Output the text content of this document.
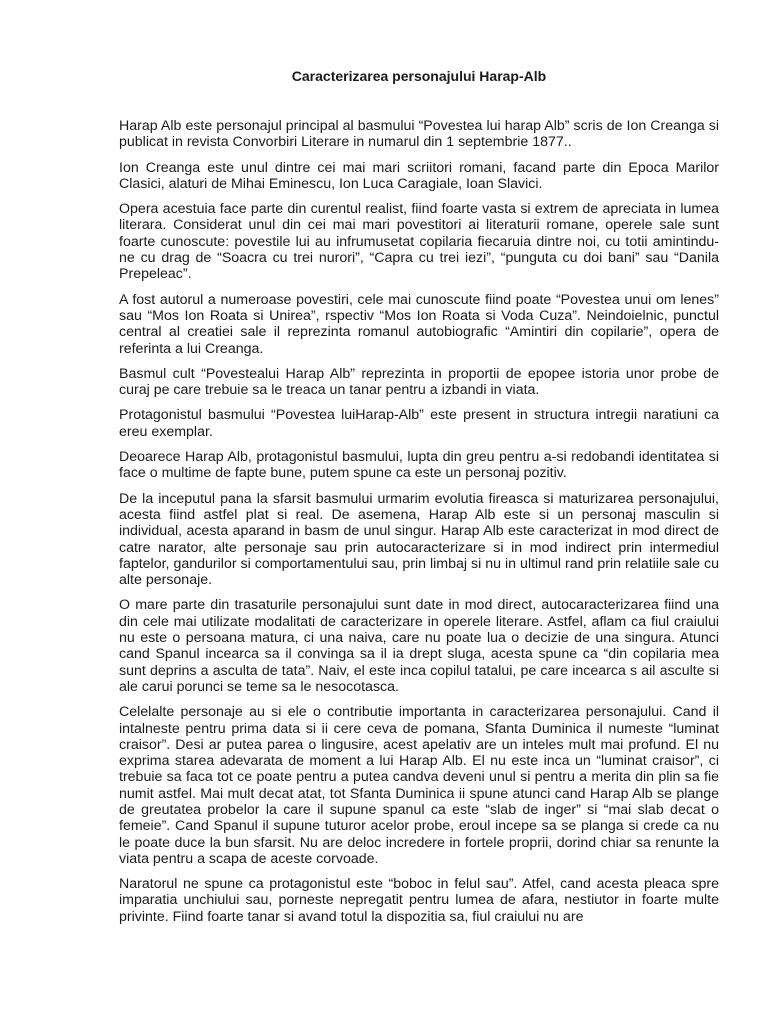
Caracterizarea personajului Harap-Alb

Harap Alb este personajul principal al basmului “Povestea lui harap Alb” scris de Ion Creanga si publicat in revista Convorbiri Literare in numarul din 1 septembrie 1877..

Ion Creanga este unul dintre cei mai mari scriitori romani, facand parte din Epoca Marilor Clasici, alaturi de Mihai Eminescu, Ion Luca Caragiale, Ioan Slavici.

Opera acestuia face parte din curentul realist, fiind foarte vasta si extrem de apreciata in lumea literara. Considerat unul din cei mai mari povestitori ai literaturii romane, operele sale sunt foarte cunoscute: povestile lui au infrumusetat copilaria fiecaruia dintre noi, cu totii amintindu-ne cu drag de “Soacra cu trei nurori”, “Capra cu trei iezi”, “punguta cu doi bani” sau “Danila Prepeleac”.

A fost autorul a numeroase povestiri, cele mai cunoscute fiind poate “Povestea unui om lenes” sau “Mos Ion Roata si Unirea”, rspectiv “Mos Ion Roata si Voda Cuza”. Neindoielnic, punctul central al creatiei sale il reprezinta romanul autobiografic “Amintiri din copilarie”, opera de referinta a lui Creanga.

Basmul cult “Povestealui Harap Alb” reprezinta in proportii de epopee istoria unor probe de curaj pe care trebuie sa le treaca un tanar pentru a izbandi in viata.

Protagonistul basmului “Povestea luiHarap-Alb” este present in structura intregii naratiuni ca ereu exemplar.

Deoarece Harap Alb, protagonistul basmului, lupta din greu pentru a-si redobandi identitatea si face o multime de fapte bune, putem spune ca este un personaj pozitiv.

De la inceputul pana la sfarsit basmului urmarim evolutia fireasca si maturizarea personajului, acesta fiind astfel plat si real. De asemena, Harap Alb este si un personaj masculin si individual, acesta aparand in basm de unul singur. Harap Alb este caracterizat in mod direct de catre narator, alte personaje sau prin autocaracterizare si in mod indirect prin intermediul faptelor, gandurilor si comportamentului sau, prin limbaj si nu in ultimul rand prin relatiile sale cu alte personaje.

O mare parte din trasaturile personajului sunt date in mod direct, autocaracterizarea fiind una din cele mai utilizate modalitati de caracterizare in operele literare. Astfel, aflam ca fiul craiului nu este o persoana matura, ci una naiva, care nu poate lua o decizie de una singura. Atunci cand Spanul incearca sa il convinga sa il ia drept sluga, acesta spune ca “din copilaria mea sunt deprins a asculta de tata”. Naiv, el este inca copilul tatalui, pe care incearca s ail asculte si ale carui porunci se teme sa le nesocotasca.

Celelalte personaje au si ele o contributie importanta in caracterizarea personajului. Cand il intalneste pentru prima data si ii cere ceva de pomana, Sfanta Duminica il numeste “luminat craisor”. Desi ar putea parea o lingusire, acest apelativ are un inteles mult mai profund. El nu exprima starea adevarata de moment a lui Harap Alb. El nu este inca un “luminat craisor”, ci trebuie sa faca tot ce poate pentru a putea candva deveni unul si pentru a merita din plin sa fie numit astfel. Mai mult decat atat, tot Sfanta Duminica ii spune atunci cand Harap Alb se plange de greutatea probelor la care il supune spanul ca este “slab de inger” si “mai slab decat o femeie”. Cand Spanul il supune tuturor acelor probe, eroul incepe sa se planga si crede ca nu le poate duce la bun sfarsit. Nu are deloc incredere in fortele proprii, dorind chiar sa renunte la viata pentru a scapa de aceste corvoade.

Naratorul ne spune ca protagonistul este “boboc in felul sau”. Atfel, cand acesta pleaca spre imparatia unchiului sau, porneste nepregatit pentru lumea de afara, nestiutor in foarte multe privinte. Fiind foarte tanar si avand totul la dispozitia sa, fiul craiului nu are
